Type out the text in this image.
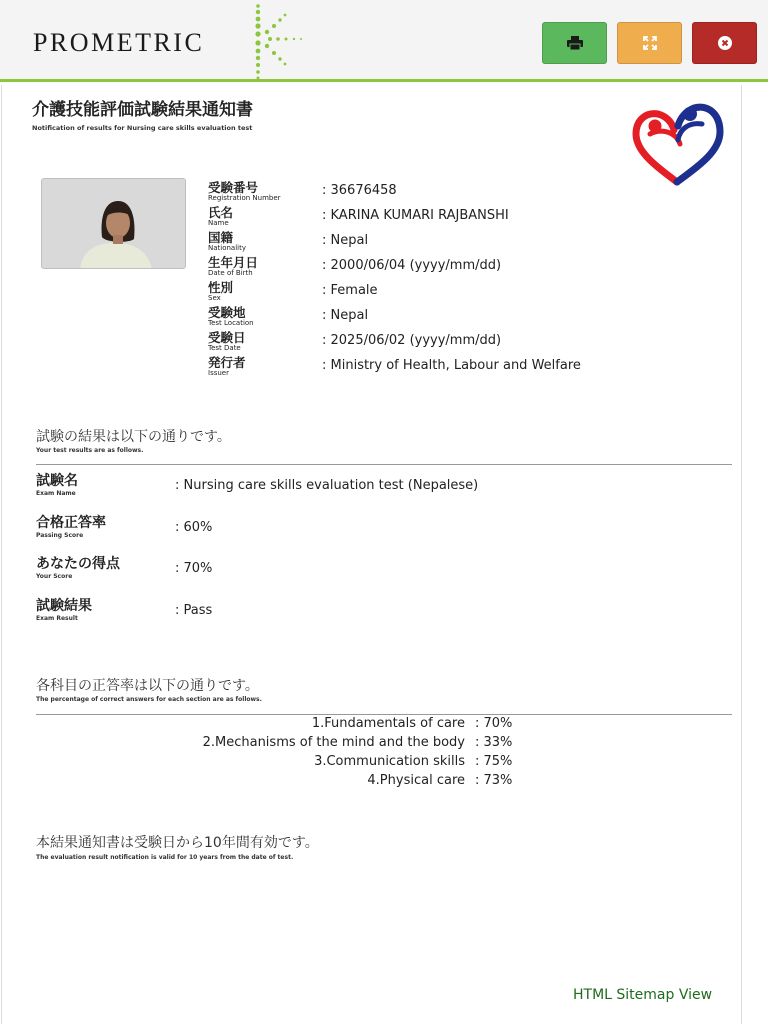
PROMETRIC
介護技能評価試験結果通知書
Notification of results for Nursing care skills evaluation test
受験番号
Registration Number	: 36676458
氏名
Name	: KARINA KUMARI RAJBANSHI
国籍
Nationality	: Nepal
生年月日
Date of Birth	: 2000/06/04 (yyyy/mm/dd)
性別
Sex	: Female
受験地
Test Location	: Nepal
受験日
Test Date	: 2025/06/02 (yyyy/mm/dd)
発行者
Issuer	: Ministry of Health, Labour and Welfare
試験の結果は以下の通りです。
Your test results are as follows.
試験名
Exam Name
: Nursing care skills evaluation test (Nepalese)
合格正答率
Passing Score
: 60%
あなたの得点
Your Score
: 70%
試験結果
Exam Result
: Pass
各科目の正答率は以下の通りです。
The percentage of correct answers for each section are as follows.
1.Fundamentals of care : 70%
2.Mechanisms of the mind and the body : 33%
3.Communication skills : 75%
4.Physical care : 73%
本結果通知書は受験日から10年間有効です。
The evaluation result notification is valid for 10 years from the date of test.
HTML Sitemap View
